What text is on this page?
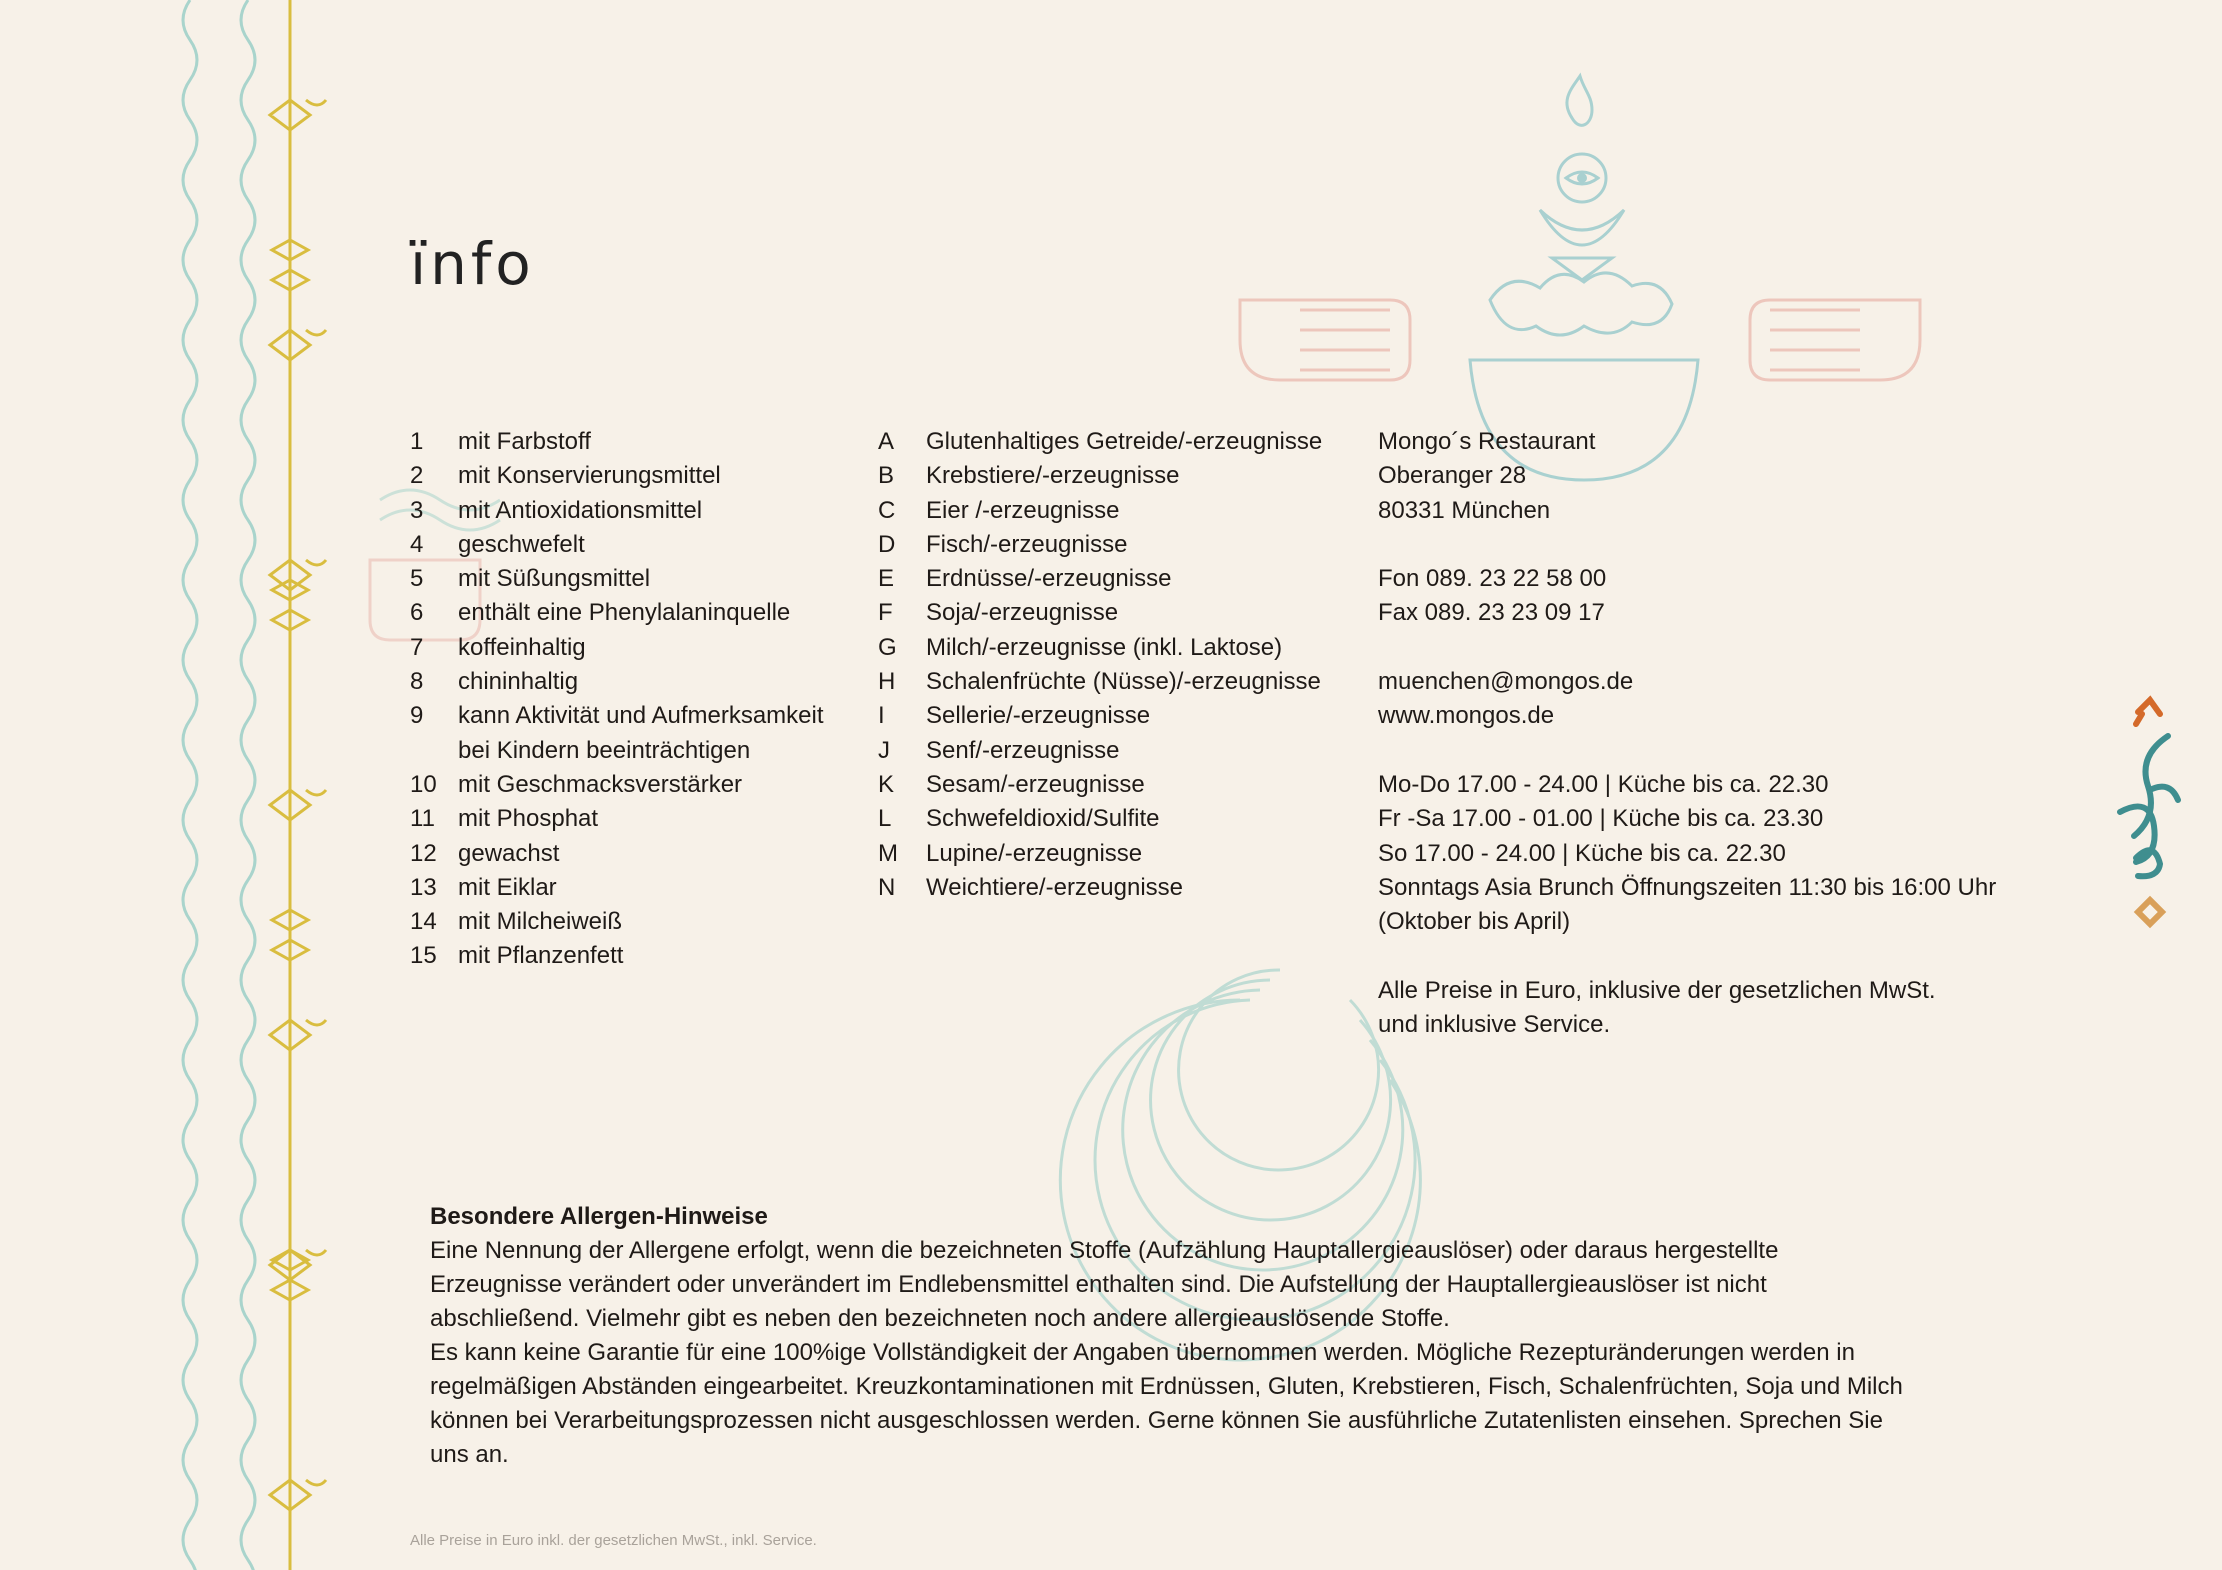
ïnfo
1	mit Farbstoff
2	mit Konservierungsmittel
3	mit Antioxidationsmittel
4	geschwefelt
5	mit Süßungsmittel
6	enthält eine Phenylalaninquelle
7	koffeinhaltig
8	chininhaltig
9	kann Aktivität und Aufmerksamkeit
bei Kindern beeinträchtigen
10 mit Geschmacksverstärker
11 mit Phosphat
12 gewachst
13 mit Eiklar
14 mit Milcheiweiß
15 mit Pflanzenfett
A	Glutenhaltiges Getreide/-erzeugnisse
B	Krebstiere/-erzeugnisse
C	Eier /-erzeugnisse
D	Fisch/-erzeugnisse
E	Erdnüsse/-erzeugnisse
F	Soja/-erzeugnisse
G	Milch/-erzeugnisse (inkl. Laktose)
H	Schalenfrüchte (Nüsse)/-erzeugnisse
I	Sellerie/-erzeugnisse
J	Senf/-erzeugnisse
K	Sesam/-erzeugnisse
L	Schwefeldioxid/Sulfite
M	Lupine/-erzeugnisse
N	Weichtiere/-erzeugnisse
Mongo´s Restaurant
Oberanger 28
80331 München
Fon 089. 23 22 58 00
Fax 089. 23 23 09 17
muenchen@mongos.de
www.mongos.de
Mo-Do 17.00 - 24.00 | Küche bis ca. 22.30
Fr -Sa 17.00 - 01.00 | Küche bis ca. 23.30
So 17.00 - 24.00 | Küche bis ca. 22.30
Sonntags Asia Brunch Öffnungszeiten 11:30 bis 16:00 Uhr
(Oktober bis April)
Alle Preise in Euro, inklusive der gesetzlichen MwSt.
und inklusive Service.
Besondere Allergen-Hinweise

Eine Nennung der Allergene erfolgt, wenn die bezeichneten Stoffe (Aufzählung Hauptallergieauslöser) oder daraus hergestellte Erzeugnisse verändert oder unverändert im Endlebensmittel enthalten sind. Die Aufstellung der Hauptallergieauslöser ist nicht abschließend. Vielmehr gibt es neben den bezeichneten noch andere allergieauslösende Stoffe.

Es kann keine Garantie für eine 100%ige Vollständigkeit der Angaben übernommen werden. Mögliche Rezepturänderungen werden in regelmäßigen Abständen eingearbeitet. Kreuzkontaminationen mit Erdnüssen, Gluten, Krebstieren, Fisch, Schalenfrüchten, Soja und Milch können bei Verarbeitungsprozessen nicht ausgeschlossen werden. Gerne können Sie ausführliche Zutatenlisten einsehen. Sprechen Sie uns an.

Alle Preise in Euro inkl. der gesetzlichen MwSt., inkl. Service.
